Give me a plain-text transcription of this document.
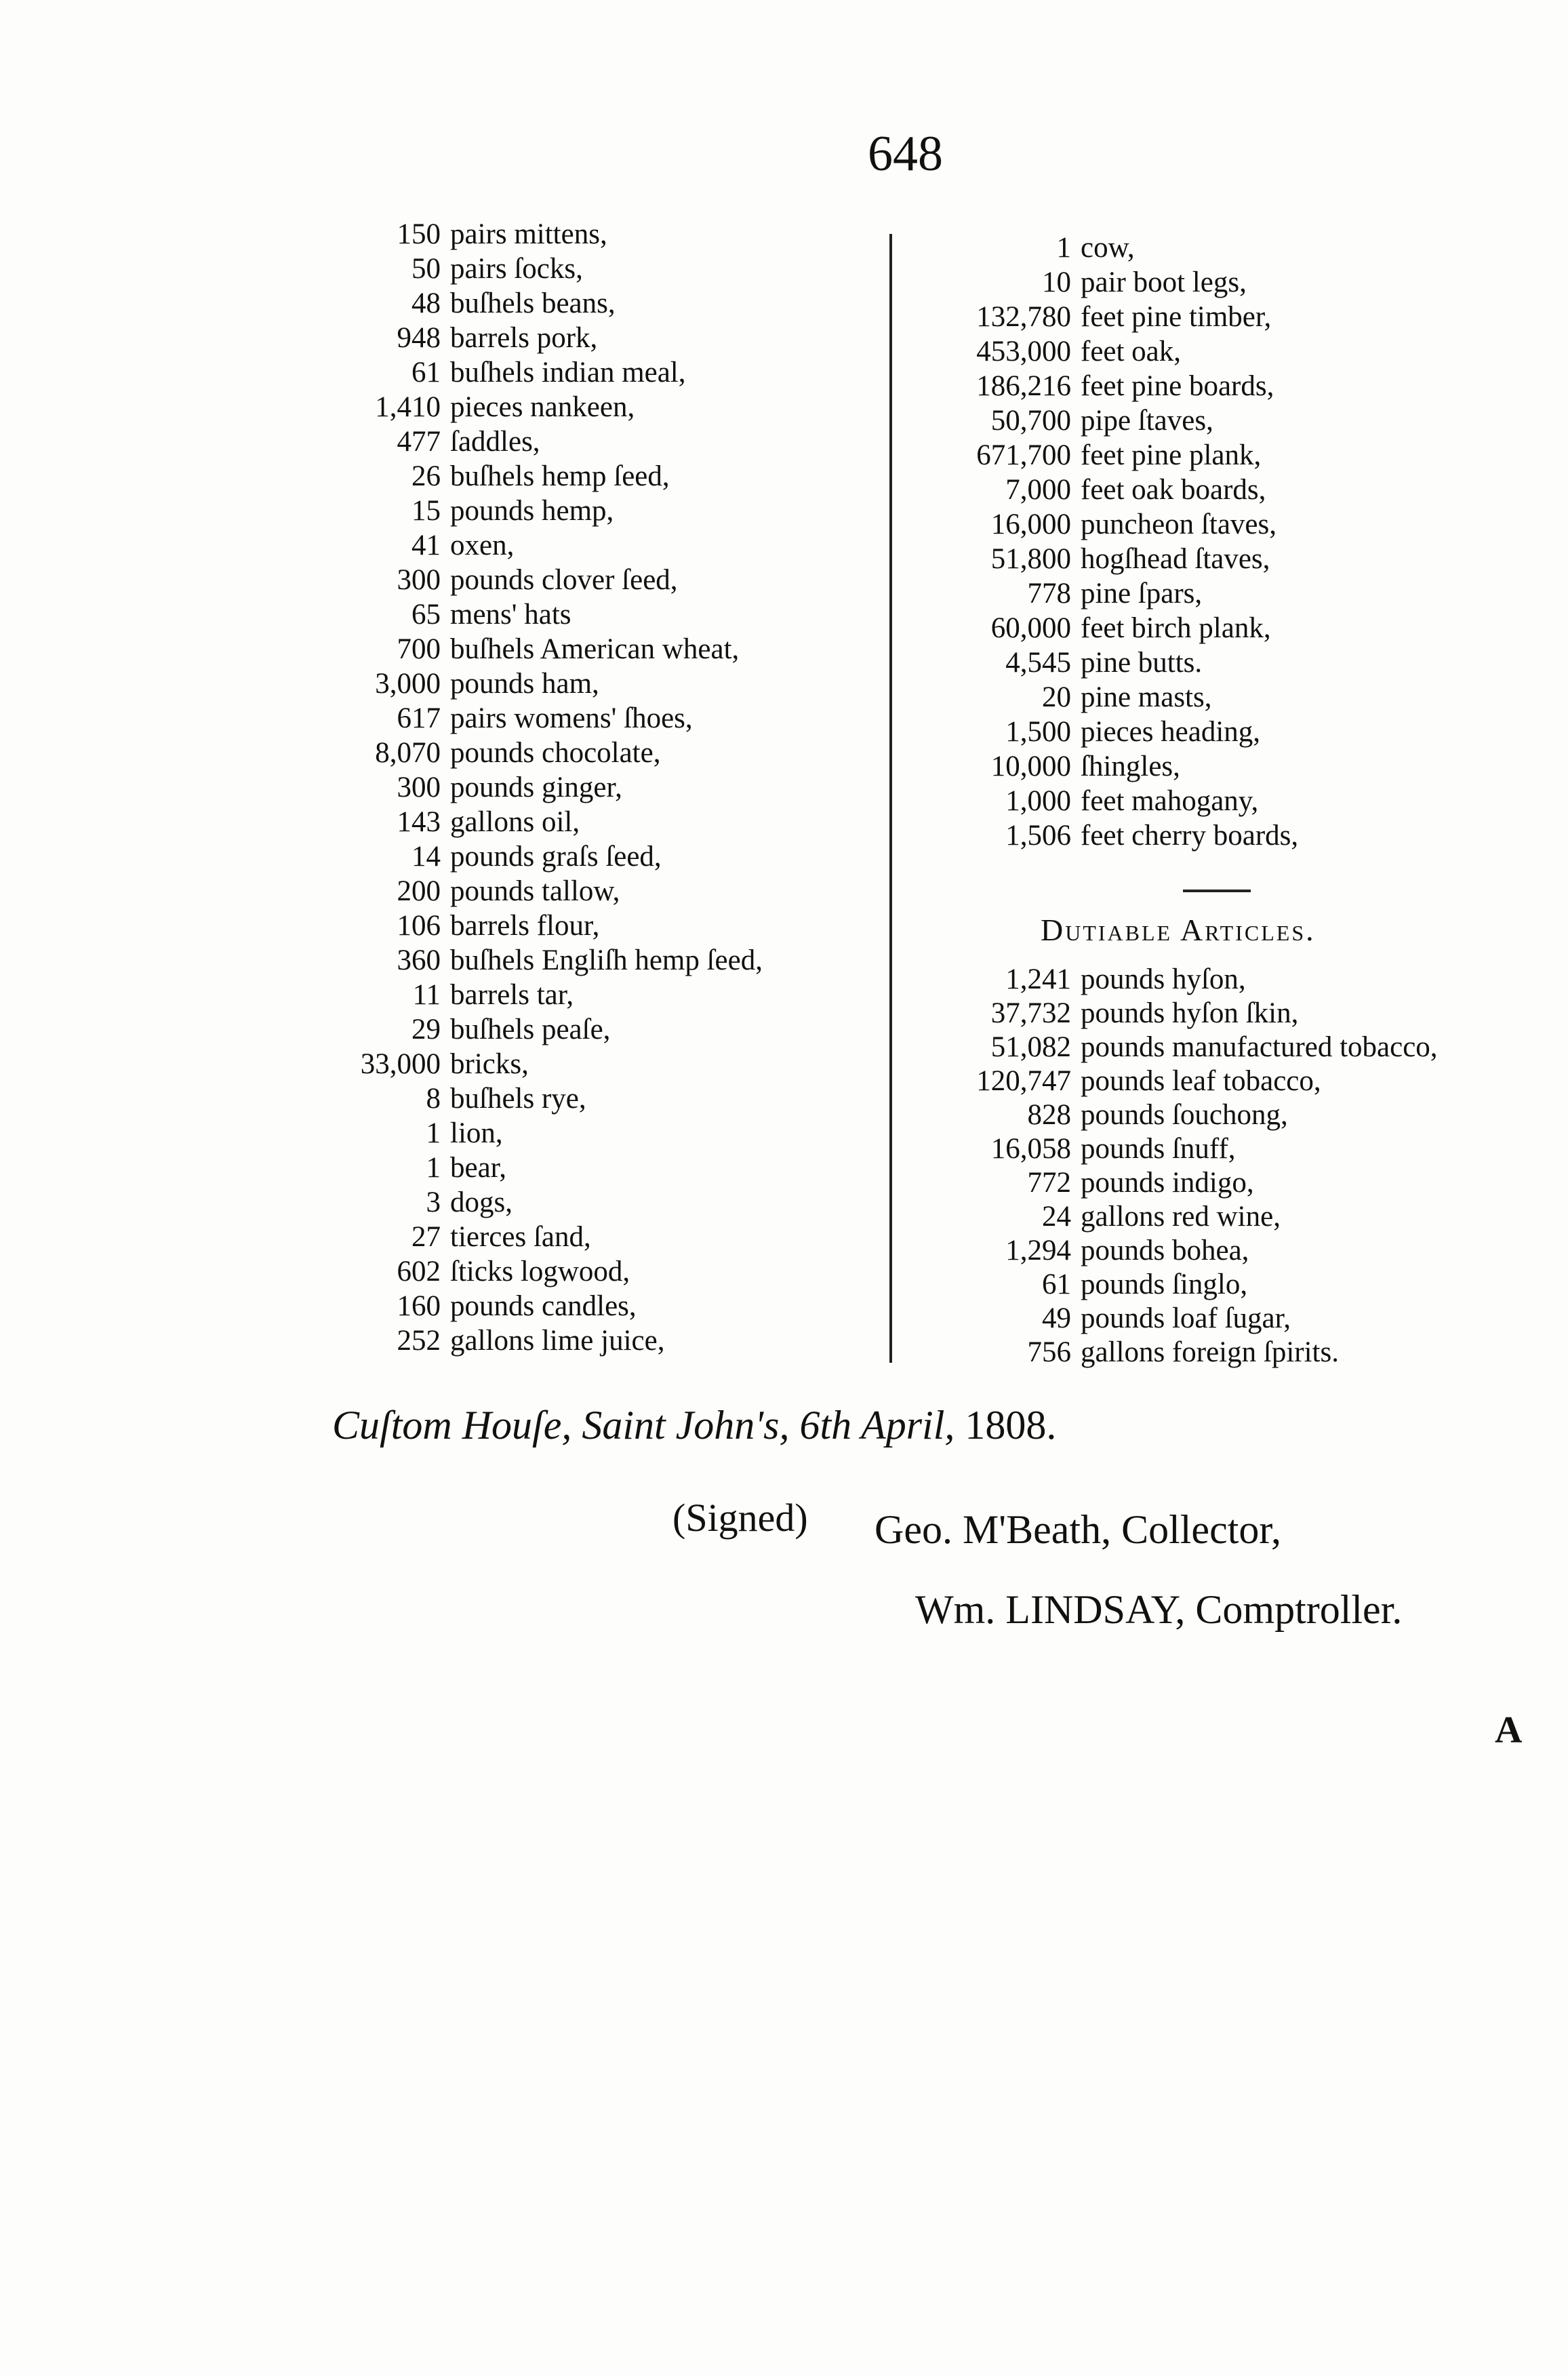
648
150 pairs mittens,
50 pairs ſocks,
48 buſhels beans,
948 barrels pork,
61 buſhels indian meal,
1,410 pieces nankeen,
477 ſaddles,
26 buſhels hemp ſeed,
15 pounds hemp,
41 oxen,
300 pounds clover ſeed,
65 mens' hats
700 buſhels American wheat,
3,000 pounds ham,
617 pairs womens' ſhoes,
8,070 pounds chocolate,
300 pounds ginger,
143 gallons oil,
14 pounds graſs ſeed,
200 pounds tallow,
106 barrels flour,
360 buſhels Engliſh hemp ſeed,
11 barrels tar,
29 buſhels peaſe,
33,000 bricks,
8 buſhels rye,
1 lion,
1 bear,
3 dogs,
27 tierces ſand,
602 ſticks logwood,
160 pounds candles,
252 gallons lime juice,
1 cow,
10 pair boot legs,
132,780 feet pine timber,
453,000 feet oak,
186,216 feet pine boards,
50,700 pipe ſtaves,
671,700 feet pine plank,
7,000 feet oak boards,
16,000 puncheon ſtaves,
51,800 hogſhead ſtaves,
778 pine ſpars,
60,000 feet birch plank,
4,545 pine butts.
20 pine masts,
1,500 pieces heading,
10,000 ſhingles,
1,000 feet mahogany,
1,506 feet cherry boards,
Dutiable Articles.
1,241 pounds hyſon,
37,732 pounds hyſon ſkin,
51,082 pounds manufactured tobacco,
120,747 pounds leaf tobacco,
828 pounds ſouchong,
16,058 pounds ſnuff,
772 pounds indigo,
24 gallons red wine,
1,294 pounds bohea,
61 pounds ſinglo,
49 pounds loaf ſugar,
756 gallons foreign ſpirits.
Cuſtom Houſe, Saint John's, 6th April, 1808.
(Signed) Geo. M'Beath, Collector,
Wm. LINDSAY, Comptroller.
A
